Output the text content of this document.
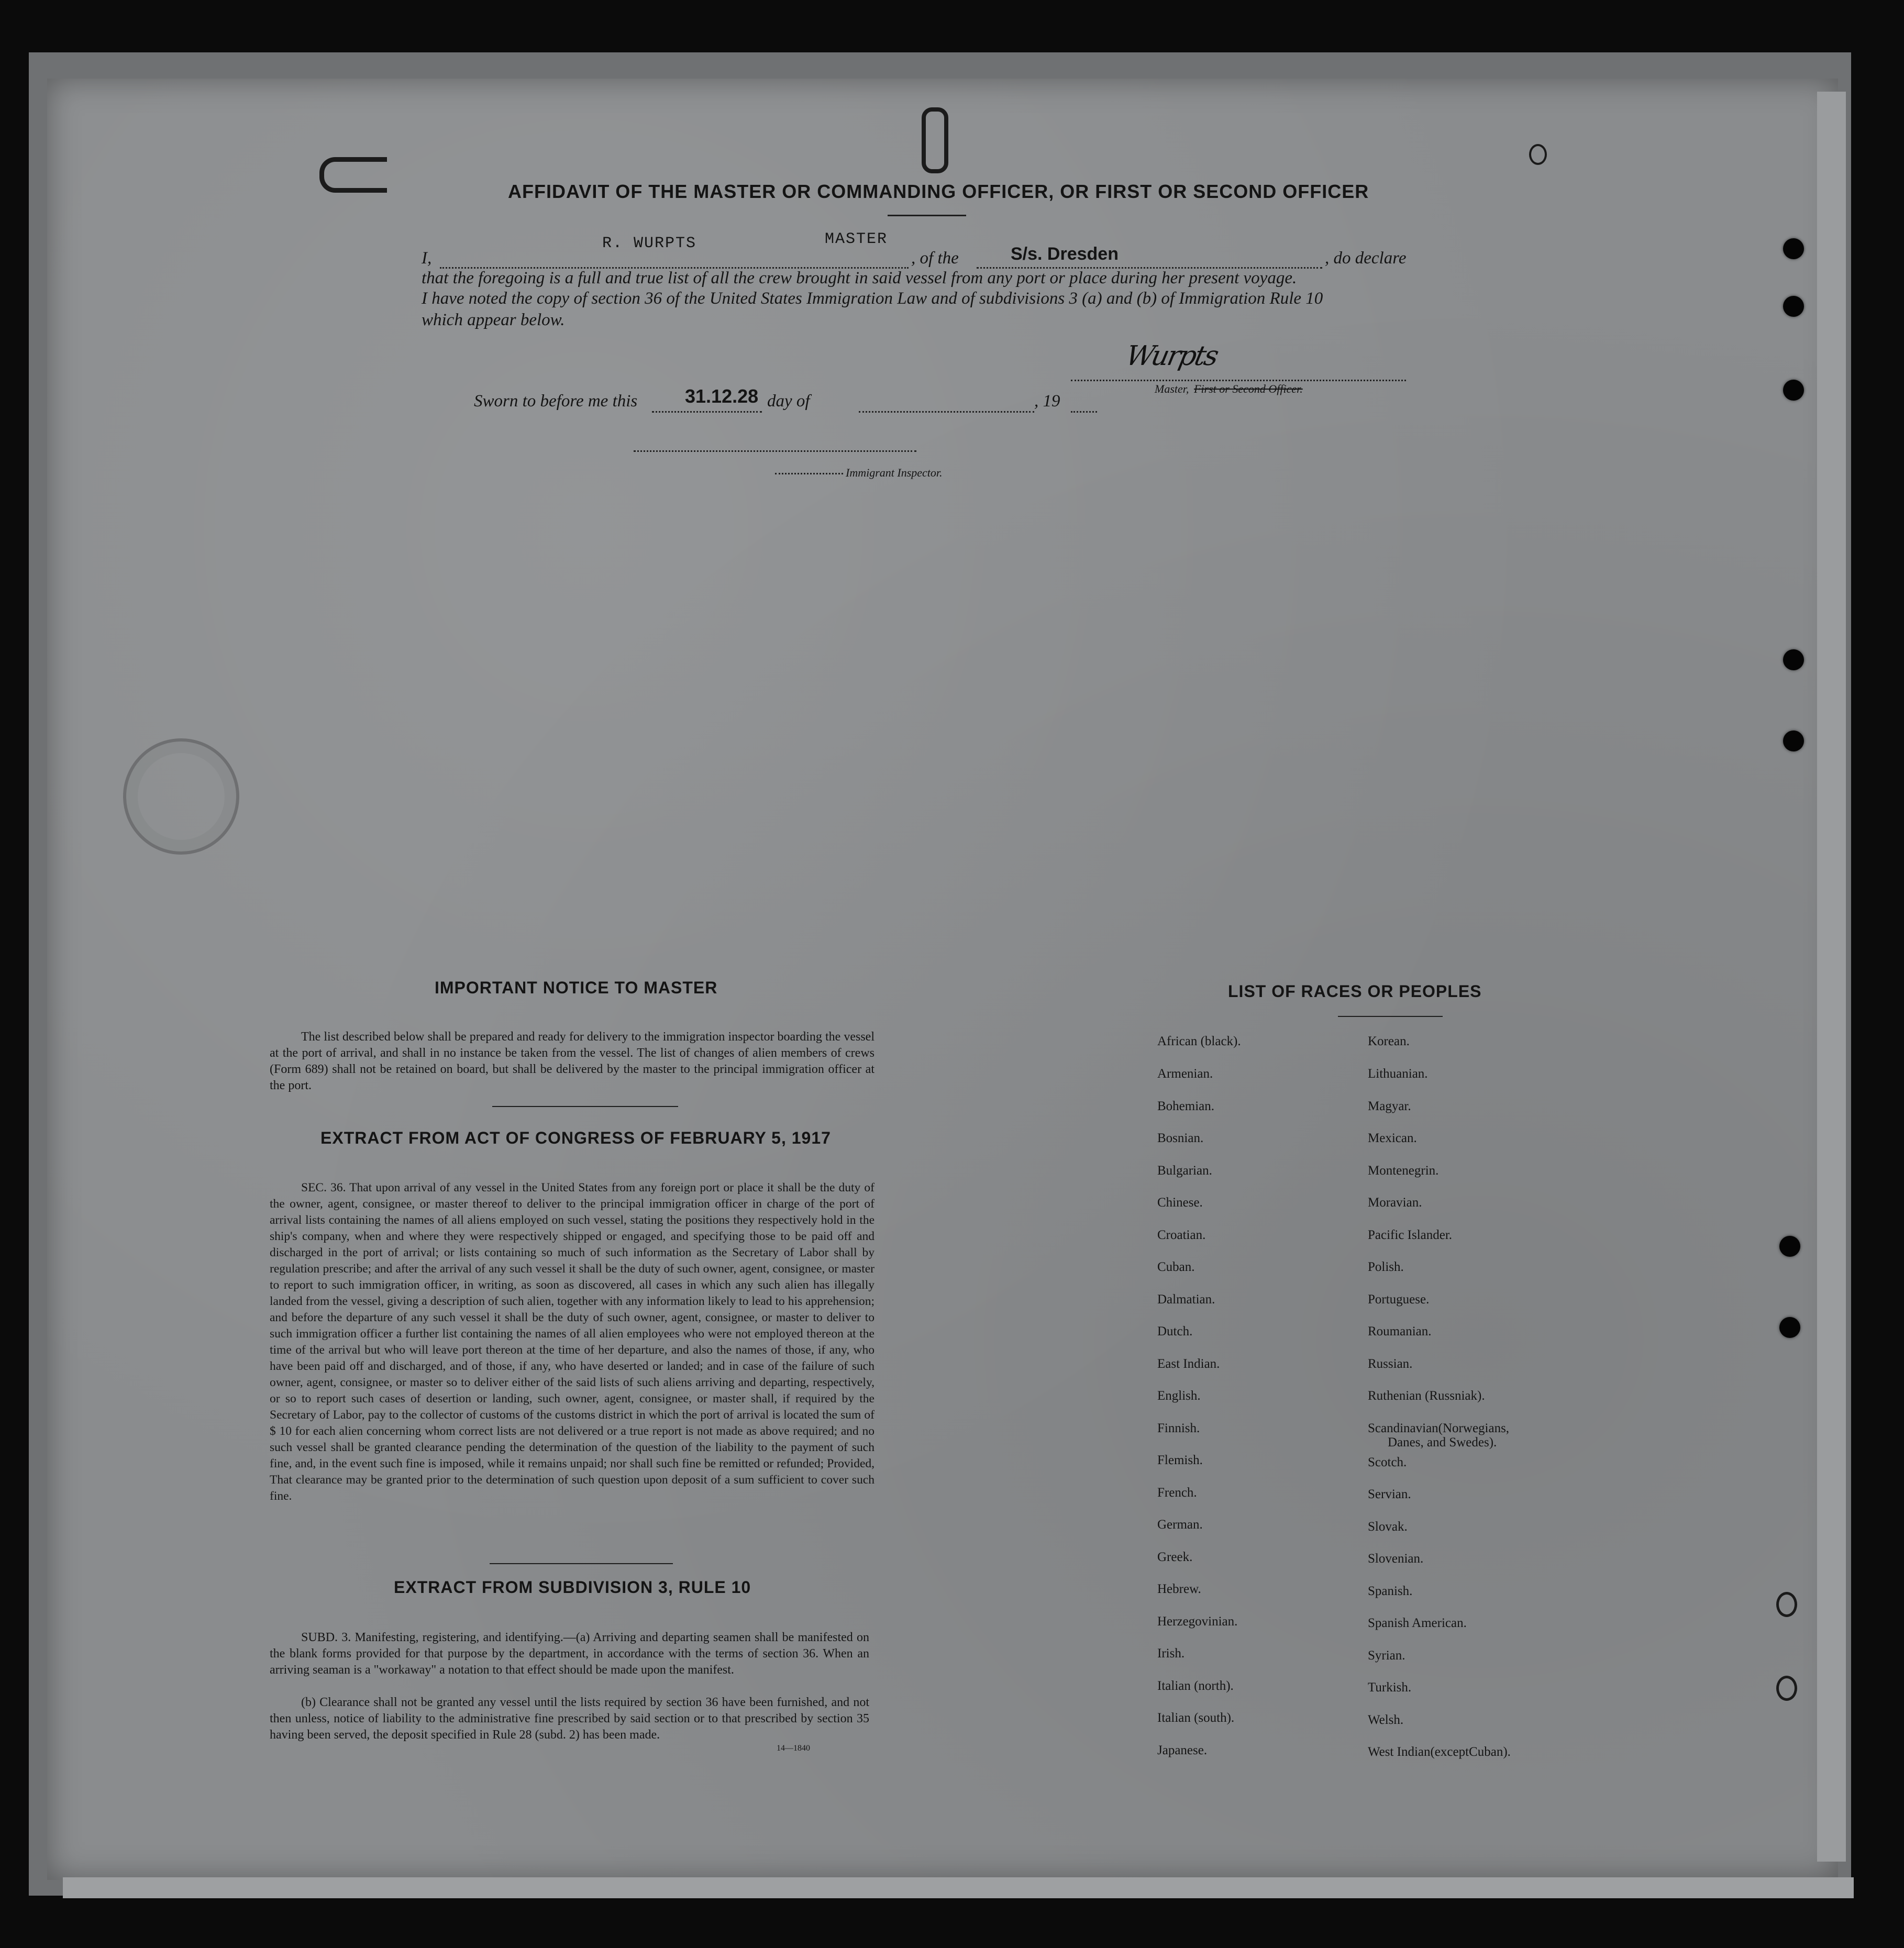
AFFIDAVIT OF THE MASTER OR COMMANDING OFFICER, OR FIRST OR SECOND OFFICER
I,
R. WURPTS	MASTER
, of the	S/s. Dresden	, do declare
that the foregoing is a full and true list of all the crew brought in said vessel from any port or place during her present voyage.
I have noted the copy of section 36 of the United States Immigration Law and of subdivisions 3 (a) and (b) of Immigration Rule 10
which appear below.
Wurpts
Master, First or Second Officer.
Sworn to before me this	31.12.28 day of	, 19
Immigrant Inspector.
IMPORTANT NOTICE TO MASTER
The list described below shall be prepared and ready for delivery to the immigration inspector boarding the vessel at the port of arrival, and shall in no instance be taken from the vessel. The list of changes of alien members of crews (Form 689) shall not be retained on board, but shall be delivered by the master to the principal immigration officer at the port.
EXTRACT FROM ACT OF CONGRESS OF FEBRUARY 5, 1917
SEC. 36. That upon arrival of any vessel in the United States from any foreign port or place it shall be the duty of the owner, agent, consignee, or master thereof to deliver to the principal immigration officer in charge of the port of arrival lists containing the names of all aliens employed on such vessel, stating the positions they respectively hold in the ship's company, when and where they were respectively shipped or engaged, and specifying those to be paid off and discharged in the port of arrival; or lists containing so much of such information as the Secretary of Labor shall by regulation prescribe; and after the arrival of any such vessel it shall be the duty of such owner, agent, consignee, or master to report to such immigration officer, in writing, as soon as discovered, all cases in which any such alien has illegally landed from the vessel, giving a description of such alien, together with any information likely to lead to his apprehension; and before the departure of any such vessel it shall be the duty of such owner, agent, consignee, or master to deliver to such immigration officer a further list containing the names of all alien employees who were not employed thereon at the time of the arrival but who will leave port thereon at the time of her departure, and also the names of those, if any, who have been paid off and discharged, and of those, if any, who have deserted or landed; and in case of the failure of such owner, agent, consignee, or master so to deliver either of the said lists of such aliens arriving and departing, respectively, or so to report such cases of desertion or landing, such owner, agent, consignee, or master shall, if required by the Secretary of Labor, pay to the collector of customs of the customs district in which the port of arrival is located the sum of $ 10 for each alien concerning whom correct lists are not delivered or a true report is not made as above required; and no such vessel shall be granted clearance pending the determination of the question of the liability to the payment of such fine, and, in the event such fine is imposed, while it remains unpaid; nor shall such fine be remitted or refunded; Provided, That clearance may be granted prior to the determination of such question upon deposit of a sum sufficient to cover such fine.
EXTRACT FROM SUBDIVISION 3, RULE 10
SUBD. 3. Manifesting, registering, and identifying.—(a) Arriving and departing seamen shall be manifested on the blank forms provided for that purpose by the department, in accordance with the terms of section 36. When an arriving seaman is a "workaway" a notation to that effect should be made upon the manifest.
(b) Clearance shall not be granted any vessel until the lists required by section 36 have been furnished, and not then unless, notice of liability to the administrative fine prescribed by said section or to that prescribed by section 35 having been served, the deposit specified in Rule 28 (subd. 2) has been made.
14—1840
LIST OF RACES OR PEOPLES
African (black).
Armenian.
Bohemian.
Bosnian.
Bulgarian.
Chinese.
Croatian.
Cuban.
Dalmatian.
Dutch.
East Indian.
English.
Finnish.
Flemish.
French.
German.
Greek.
Hebrew.
Herzegovinian.
Irish.
Italian (north).
Italian (south).
Japanese.
Korean.
Lithuanian.
Magyar.
Mexican.
Montenegrin.
Moravian.
Pacific Islander.
Polish.
Portuguese.
Roumanian.
Russian.
Ruthenian (Russniak).
Scandinavian(Norwegians,
Danes, and Swedes).
Scotch.
Servian.
Slovak.
Slovenian.
Spanish.
Spanish American.
Syrian.
Turkish.
Welsh.
West Indian(exceptCuban).
